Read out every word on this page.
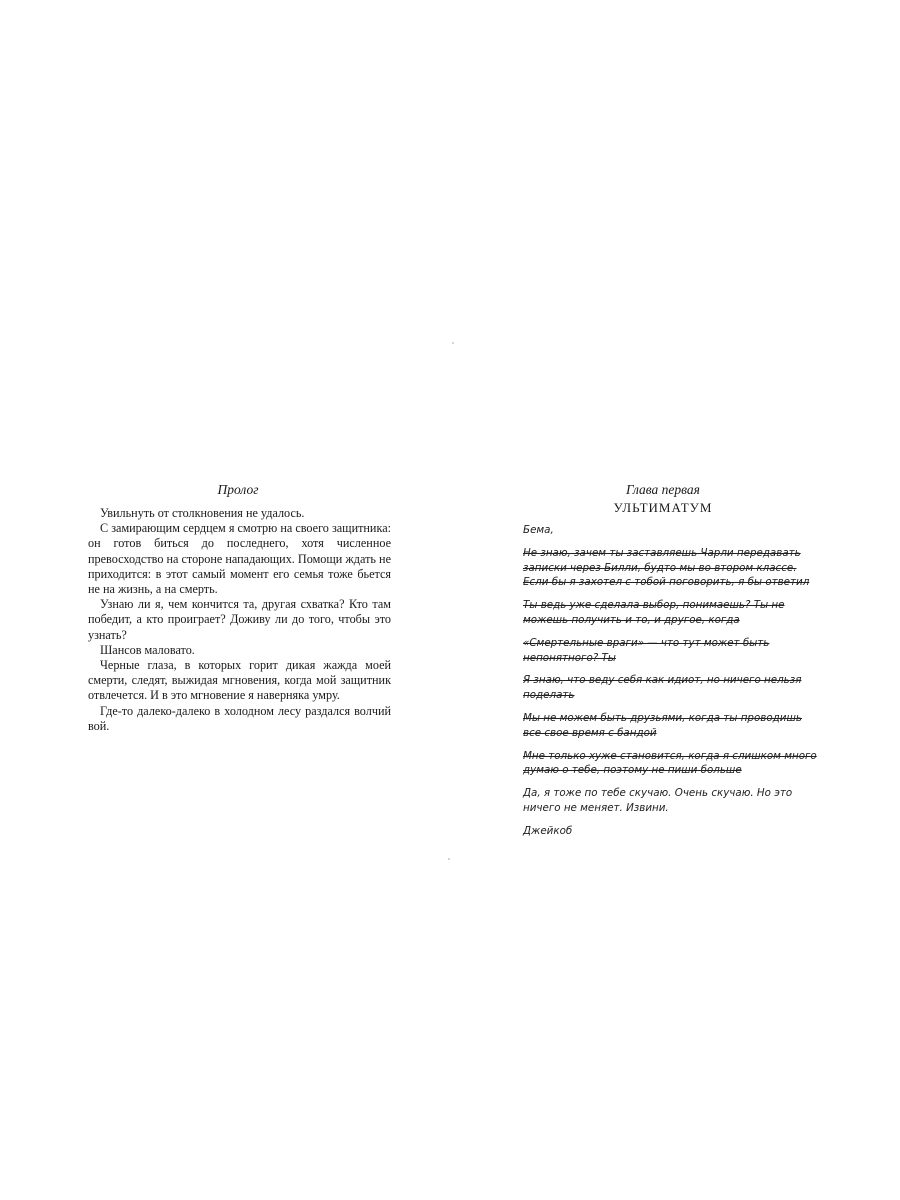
Пролог

Увильнуть от столкновения не удалось.

С замирающим сердцем я смотрю на своего защитника: он готов биться до последнего, хотя численное превосходство на стороне нападающих. Помощи ждать не приходится: в этот самый момент его семья тоже бьется не на жизнь, а на смерть.

Узнаю ли я, чем кончится та, другая схватка? Кто там победит, а кто проиграет? Доживу ли до того, чтобы это узнать?

Шансов маловато.

Черные глаза, в которых горит дикая жажда моей смерти, следят, выжидая мгновения, когда мой защитник отвлечется. И в это мгновение я наверняка умру.

Где-то далеко-далеко в холодном лесу раздался волчий вой.

Глава первая
УЛЬТИМАТУМ

Бема,

Не знаю, зачем ты заставляешь Чарли передавать записки через Билли, будто мы во втором классе. Если бы я захотел с тобой поговорить, я бы ответил
Ты ведь уже сделала выбор, понимаешь? Ты не можешь получить и то, и другое, когда
«Смертельные враги» — что тут может быть непонятного? Ты
Я знаю, что веду себя как идиот, но ничего нельзя поделать
Мы не можем быть друзьями, когда ты проводишь все свое время с бандой
Мне только хуже становится, когда я слишком много думаю о тебе, поэтому не пиши больше

Да, я тоже по тебе скучаю. Очень скучаю. Но это ничего не меняет. Извини.

Джейкоб
